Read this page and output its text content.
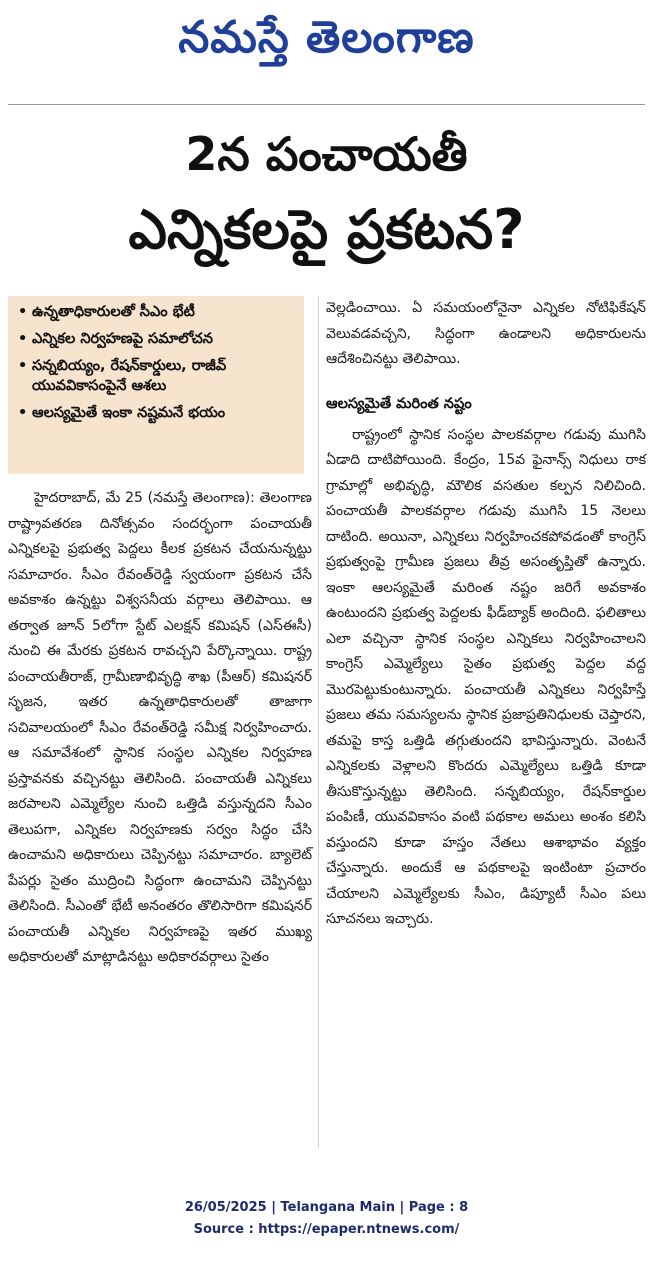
నమస్తే తెలంగాణ
2న పంచాయతీ
ఎన్నికలపై ప్రకటన?
• ఉన్నతాధికారులతో సీఎం భేటీ
• ఎన్నికల నిర్వహణపై సమాలోచన
• సన్నబియ్యం, రేషన్‌కార్డులు, రాజీవ్ యువవికాసంపైనే ఆశలు
• ఆలస్యమైతే ఇంకా నష్టమనే భయం

హైదరాబాద్, మే 25 (నమస్తే తెలంగాణ): తెలంగాణ రాష్ట్రావతరణ దినోత్సవం సందర్భంగా పంచాయతీ ఎన్నికలపై ప్రభుత్వ పెద్దలు కీలక ప్రకటన చేయనున్నట్టు సమాచారం. సీఎం రేవంత్‌రెడ్డి స్వయంగా ప్రకటన చేసే అవకాశం ఉన్నట్టు విశ్వసనీయ వర్గాలు తెలిపాయి. ఆ తర్వాత జూన్ 5లోగా స్టేట్ ఎలక్షన్ కమిషన్ (ఎస్ఈసీ) నుంచి ఈ మేరకు ప్రకటన రావచ్చని పేర్కొన్నాయి. రాష్ట్ర పంచాయతీరాజ్, గ్రామీణాభివృద్ధి శాఖ (పీఆర్) కమిషనర్ సృజన, ఇతర ఉన్నతాధికారులతో తాజాగా సచివాలయంలో సీఎం రేవంత్‌రెడ్డి సమీక్ష నిర్వహించారు. ఆ సమావేశంలో స్థానిక సంస్థల ఎన్నికల నిర్వహణ ప్రస్తావనకు వచ్చినట్టు తెలిసింది. పంచాయతీ ఎన్నికలు జరపాలని ఎమ్మెల్యేల నుంచి ఒత్తిడి వస్తున్నదని సీఎం తెలుపగా, ఎన్నికల నిర్వహణకు సర్వం సిద్ధం చేసి ఉంచామని అధికారులు చెప్పినట్టు సమాచారం. బ్యాలెట్ పేపర్లు సైతం ముద్రించి సిద్ధంగా ఉంచామని చెప్పినట్టు తెలిసింది. సీఎంతో భేటీ అనంతరం తొలిసారిగా కమిషనర్ పంచాయతీ ఎన్నికల నిర్వహణపై ఇతర ముఖ్య అధికారులతో మాట్లాడినట్టు అధికారవర్గాలు సైతం

వెల్లడించాయి. ఏ సమయంలోనైనా ఎన్నికల నోటిఫికేషన్ వెలువడవచ్చని, సిద్ధంగా ఉండాలని అధికారులను ఆదేశించినట్టు తెలిపాయి.

ఆలస్యమైతే మరింత నష్టం

రాష్ట్రంలో స్థానిక సంస్థల పాలకవర్గాల గడువు ముగిసి ఏడాది దాటిపోయింది. కేంద్రం, 15వ ఫైనాన్స్ నిధులు రాక గ్రామాల్లో అభివృద్ధి, మౌలిక వసతుల కల్పన నిలిచింది. పంచాయతీ పాలకవర్గాల గడువు ముగిసి 15 నెలలు దాటింది. అయినా, ఎన్నికలు నిర్వహించకపోవడంతో కాంగ్రెస్ ప్రభుత్వంపై గ్రామీణ ప్రజలు తీవ్ర అసంతృప్తితో ఉన్నారు. ఇంకా ఆలస్యమైతే మరింత నష్టం జరిగే అవకాశం ఉంటుందని ప్రభుత్వ పెద్దలకు ఫీడ్‌బ్యాక్ అందింది. ఫలితాలు ఎలా వచ్చినా స్థానిక సంస్థల ఎన్నికలు నిర్వహించాలని కాంగ్రెస్ ఎమ్మెల్యేలు సైతం ప్రభుత్వ పెద్దల వద్ద మొరపెట్టుకుంటున్నారు. పంచాయతీ ఎన్నికలు నిర్వహిస్తే ప్రజలు తమ సమస్యలను స్థానిక ప్రజాప్రతినిధులకు చెప్తారని, తమపై కాస్త ఒత్తిడి తగ్గుతుందని భావిస్తున్నారు. వెంటనే ఎన్నికలకు వెళ్లాలని కొందరు ఎమ్మెల్యేలు ఒత్తిడి కూడా తీసుకొస్తున్నట్టు తెలిసింది. సన్నబియ్యం, రేషన్‌కార్డుల పంపిణీ, యువవికాసం వంటి పథకాల అమలు అంశం కలిసి వస్తుందని కూడా హస్తం నేతలు ఆశాభావం వ్యక్తం చేస్తున్నారు. అందుకే ఆ పథకాలపై ఇంటింటా ప్రచారం చేయాలని ఎమ్మెల్యేలకు సీఎం, డిప్యూటీ సీఎం పలు సూచనలు ఇచ్చారు.

26/05/2025 | Telangana Main | Page : 8
Source : https://epaper.ntnews.com/
